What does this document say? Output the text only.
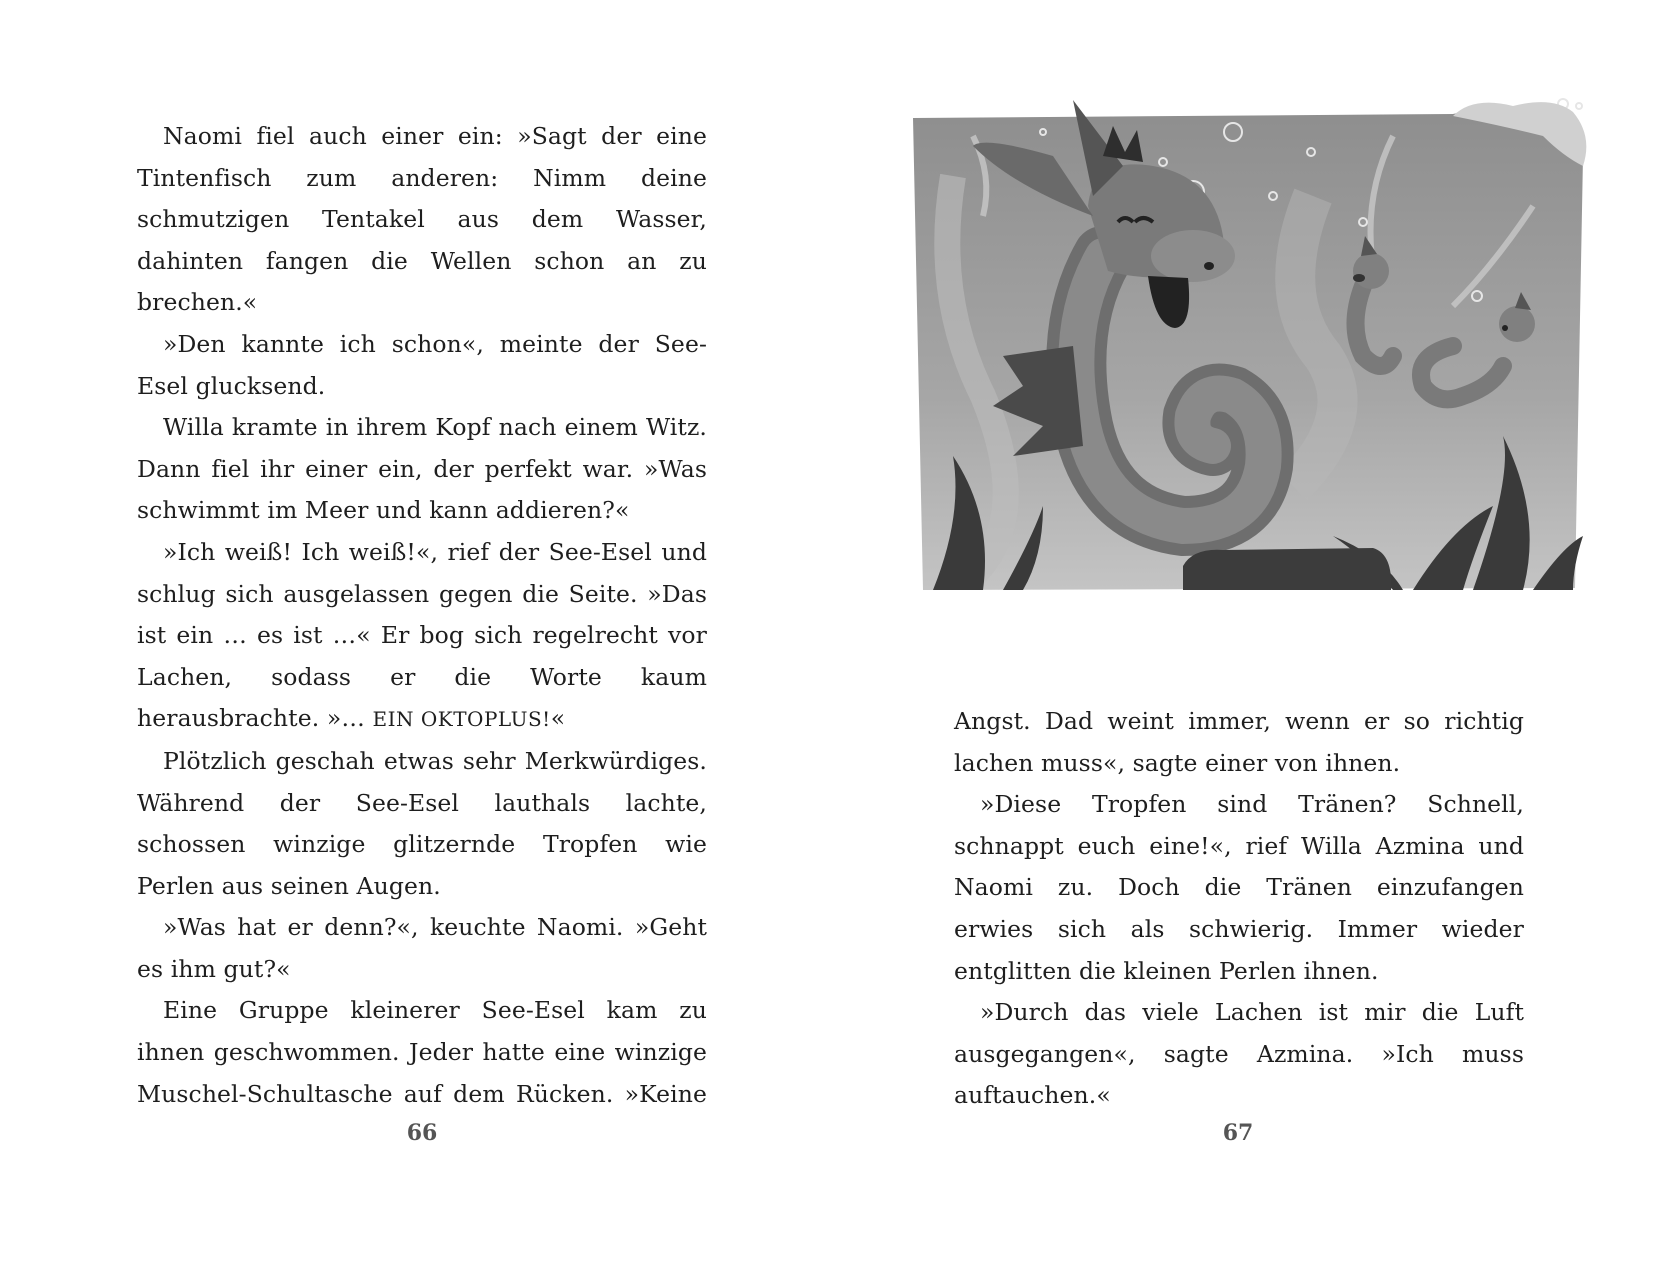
Naomi fiel auch einer ein: »Sagt der eine Tintenfisch zum anderen: Nimm deine schmutzigen Tentakel aus dem Wasser, dahinten fangen die Wellen schon an zu brechen.«

»Den kannte ich schon«, meinte der See-Esel glucksend.

Willa kramte in ihrem Kopf nach einem Witz. Dann fiel ihr einer ein, der perfekt war. »Was schwimmt im Meer und kann addieren?«

»Ich weiß! Ich weiß!«, rief der See-Esel und schlug sich ausgelassen gegen die Seite. »Das ist ein … es ist …« Er bog sich regelrecht vor Lachen, sodass er die Worte kaum herausbrachte. »… EIN OKTOPLUS!«

Plötzlich geschah etwas sehr Merkwürdiges. Während der See-Esel lauthals lachte, schossen winzige glitzernde Tropfen wie Perlen aus seinen Augen.

»Was hat er denn?«, keuchte Naomi. »Geht es ihm gut?«

Eine Gruppe kleinerer See-Esel kam zu ihnen geschwommen. Jeder hatte eine winzige Muschel-Schultasche auf dem Rücken. »Keine

66

Angst. Dad weint immer, wenn er so richtig lachen muss«, sagte einer von ihnen.

»Diese Tropfen sind Tränen? Schnell, schnappt euch eine!«, rief Willa Azmina und Naomi zu. Doch die Tränen einzufangen erwies sich als schwierig. Immer wieder entglitten die kleinen Perlen ihnen.

»Durch das viele Lachen ist mir die Luft ausgegangen«, sagte Azmina. »Ich muss auftauchen.«

67
